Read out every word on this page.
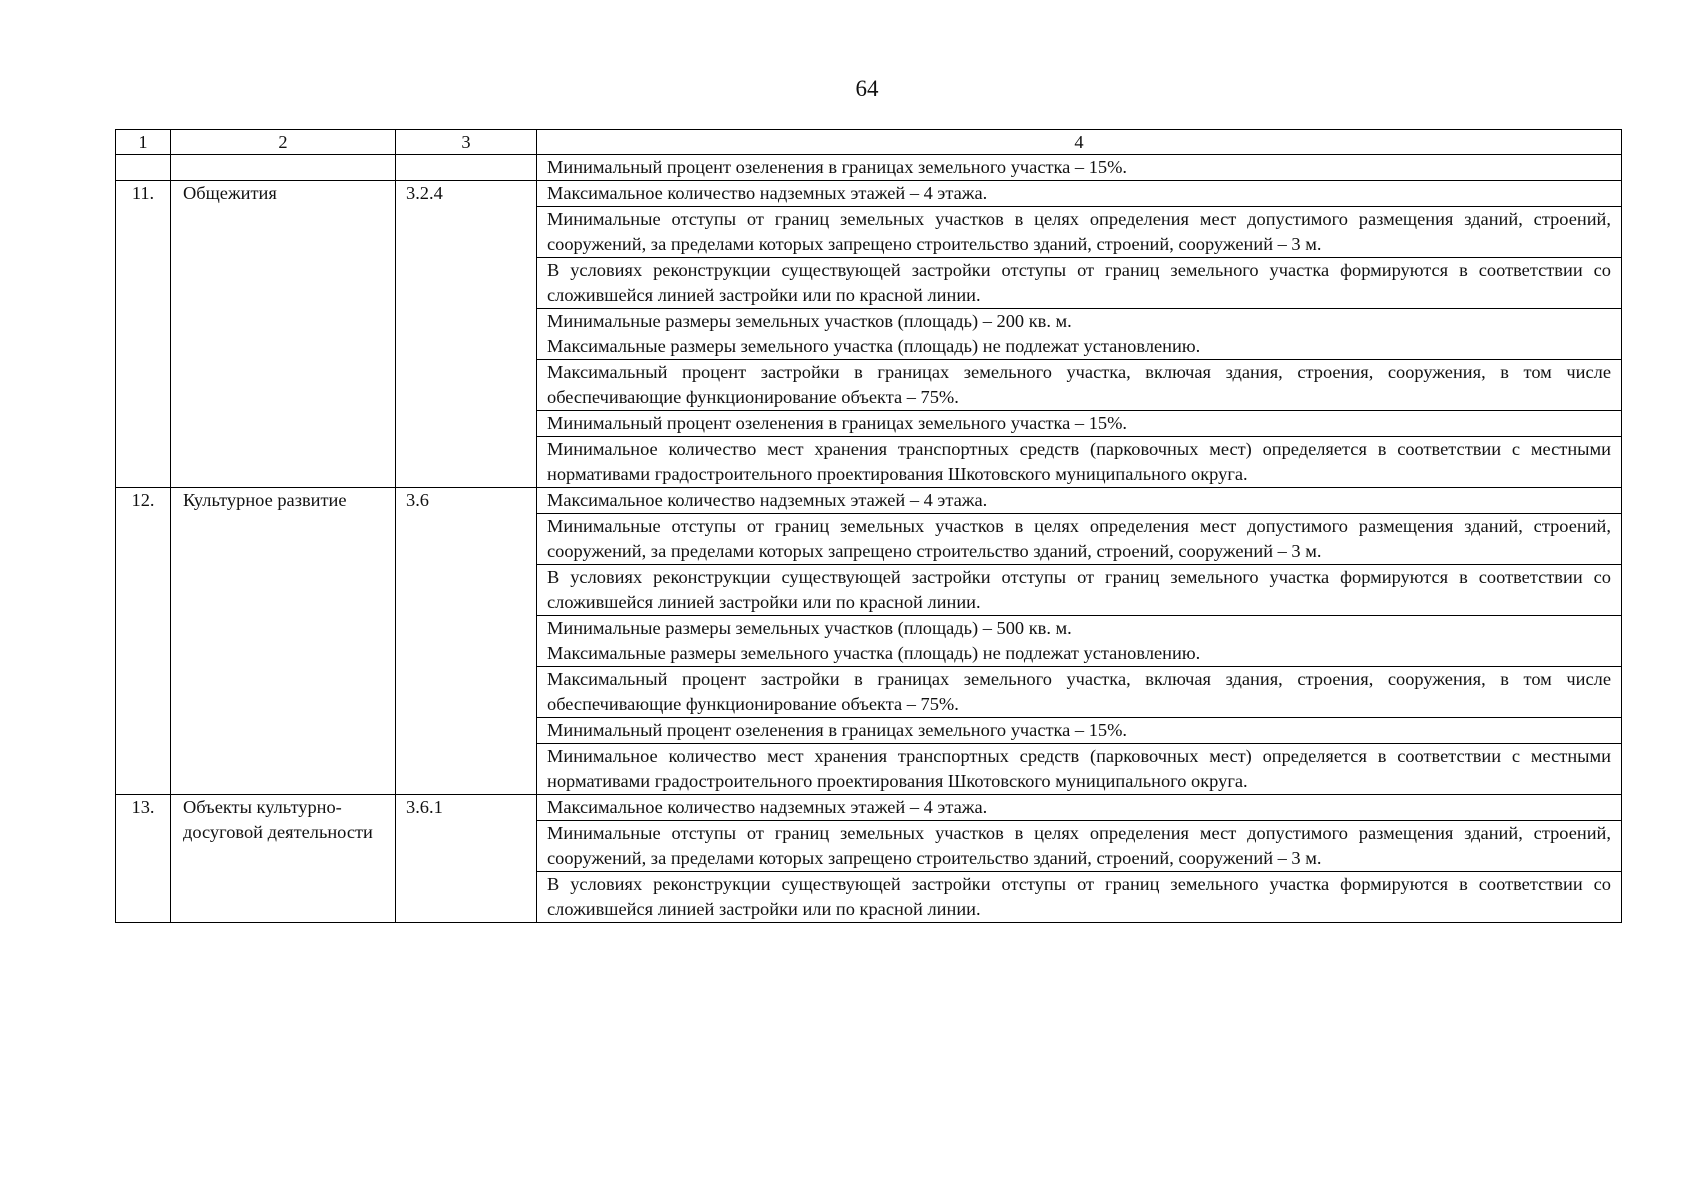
64
1	2	3	4
			Минимальный процент озеленения в границах земельного участка – 15%.
11.	Общежития	3.2.4	Максимальное количество надземных этажей – 4 этажа.
			Минимальные отступы от границ земельных участков в целях определения мест допустимого размещения зданий, строений, сооружений, за пределами которых запрещено строительство зданий, строений, сооружений – 3 м.
			В условиях реконструкции существующей застройки отступы от границ земельного участка формируются в соответствии со сложившейся линией застройки или по красной линии.

			Минимальные размеры земельных участков (площадь) – 200 кв. м.
Максимальные размеры земельного участка (площадь) не подлежат установлению.

			Максимальный процент застройки в границах земельного участка, включая здания, строения, сооружения, в том числе обеспечивающие функционирование объекта – 75%.
			Минимальный процент озеленения в границах земельного участка – 15%.
			Минимальное количество мест хранения транспортных средств (парковочных мест) определяется в соответствии с местными нормативами градостроительного проектирования Шкотовского муниципального округа.
12.	Культурное развитие	3.6	Максимальное количество надземных этажей – 4 этажа.
			Минимальные отступы от границ земельных участков в целях определения мест допустимого размещения зданий, строений, сооружений, за пределами которых запрещено строительство зданий, строений, сооружений – 3 м.
			В условиях реконструкции существующей застройки отступы от границ земельного участка формируются в соответствии со сложившейся линией застройки или по красной линии.

			Минимальные размеры земельных участков (площадь) – 500 кв. м.
Максимальные размеры земельного участка (площадь) не подлежат установлению.

			Максимальный процент застройки в границах земельного участка, включая здания, строения, сооружения, в том числе обеспечивающие функционирование объекта – 75%.
			Минимальный процент озеленения в границах земельного участка – 15%.
			Минимальное количество мест хранения транспортных средств (парковочных мест) определяется в соответствии с местными нормативами градостроительного проектирования Шкотовского муниципального округа.
13.	Объекты культурно-досуговой деятельности	3.6.1	Максимальное количество надземных этажей – 4 этажа.
			Минимальные отступы от границ земельных участков в целях определения мест допустимого размещения зданий, строений, сооружений, за пределами которых запрещено строительство зданий, строений, сооружений – 3 м.
			В условиях реконструкции существующей застройки отступы от границ земельного участка формируются в соответствии со сложившейся линией застройки или по красной линии.
